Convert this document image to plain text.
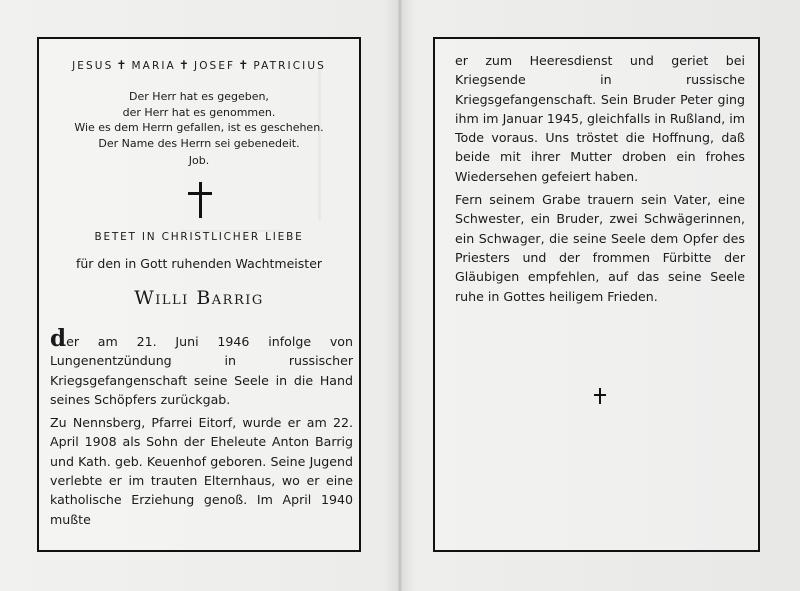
JESUS ✝ MARIA ✝ JOSEF ✝ PATRICIUS
Der Herr hat es gegeben,
der Herr hat es genommen.
Wie es dem Herrn gefallen, ist es geschehen.
Der Name des Herrn sei gebenedeit.
Job.
BETET IN CHRISTLICHER LIEBE
für den in Gott ruhenden Wachtmeister
Willi Barrig

der am 21. Juni 1946 infolge von Lungenentzündung in russischer Kriegsgefangenschaft seine Seele in die Hand seines Schöpfers zurückgab.

Zu Nennsberg, Pfarrei Eitorf, wurde er am 22. April 1908 als Sohn der Eheleute Anton Barrig und Kath. geb. Keuenhof geboren. Seine Jugend verlebte er im trauten Elternhaus, wo er eine katholische Erziehung genoß. Im April 1940 mußte

er zum Heeresdienst und geriet bei Kriegsende in russische Kriegsgefangenschaft. Sein Bruder Peter ging ihm im Januar 1945, gleichfalls in Rußland, im Tode voraus. Uns tröstet die Hoffnung, daß beide mit ihrer Mutter droben ein frohes Wiedersehen gefeiert haben.

Fern seinem Grabe trauern sein Vater, eine Schwester, ein Bruder, zwei Schwägerinnen, ein Schwager, die seine Seele dem Opfer des Priesters und der frommen Fürbitte der Gläubigen empfehlen, auf das seine Seele ruhe in Gottes heiligem Frieden.
